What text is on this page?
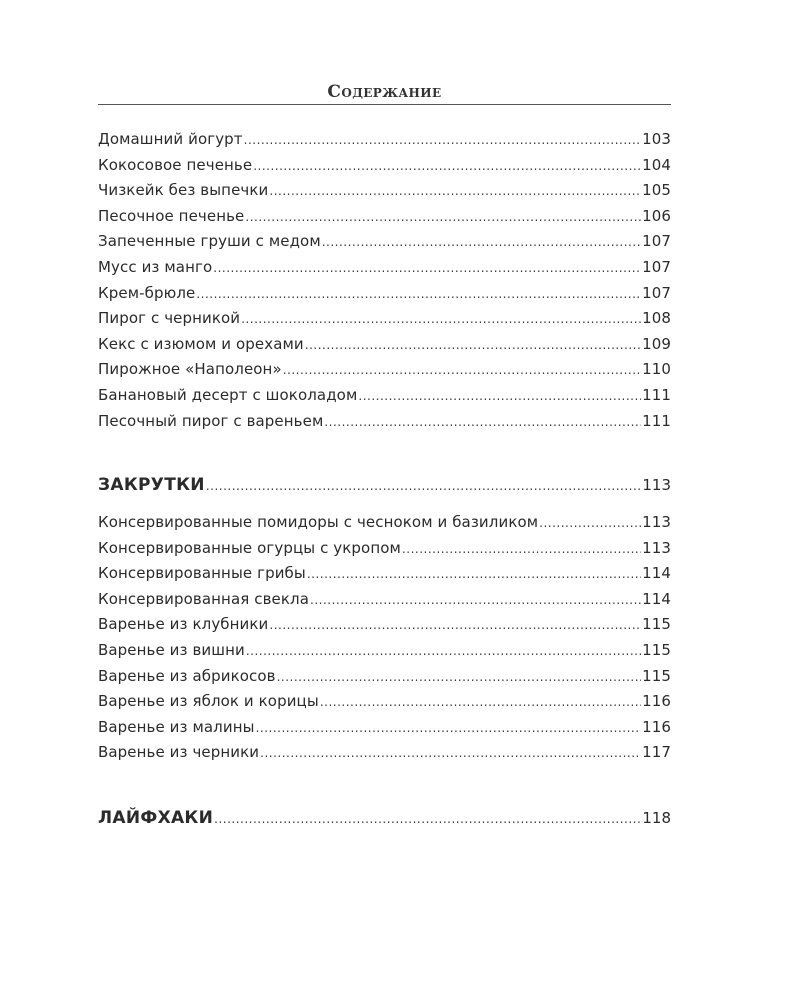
Содержание
Домашний йогурт .....	103
Кокосовое печенье .....	104
Чизкейк без выпечки .....	105
Песочное печенье .....	106
Запеченные груши с медом .....	107
Мусс из манго .....	107
Крем-брюле .....	107
Пирог с черникой .....	108
Кекс с изюмом и орехами .....	109
Пирожное «Наполеон» .....	110
Банановый десерт с шоколадом .....	111
Песочный пирог с вареньем .....	111
ЗАКРУТКИ .....	113
Консервированные помидоры с чесноком и базиликом .....	113
Консервированные огурцы с укропом .....	113
Консервированные грибы .....	114
Консервированная свекла .....	114
Варенье из клубники .....	115
Варенье из вишни .....	115
Варенье из абрикосов .....	115
Варенье из яблок и корицы .....	116
Варенье из малины .....	116
Варенье из черники .....	117
ЛАЙФХАКИ .....	118
